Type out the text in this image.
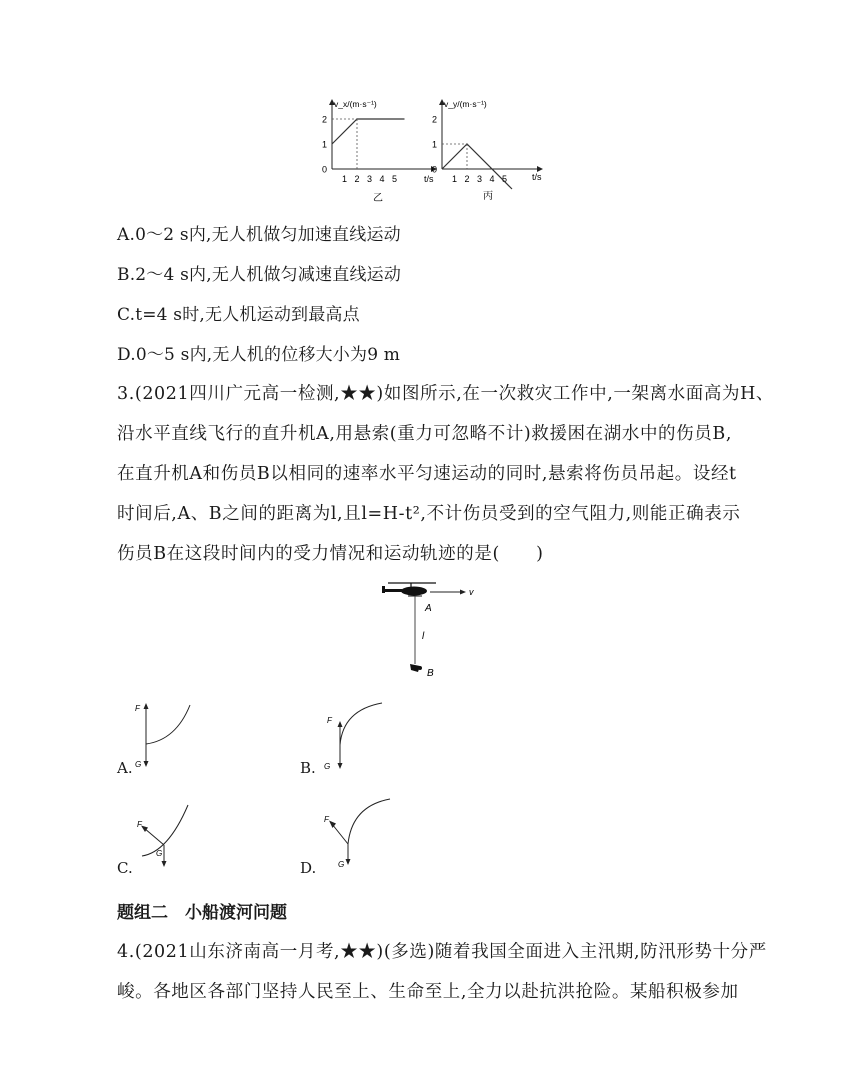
v_x/(m·s⁻¹)
t/s
1 2 3 4 5
0
1
2
乙
v_y/(m·s⁻¹)
t/s
1 2 3 4 5
0
1
2
丙
A.0～2 s内,无人机做匀加速直线运动
B.2～4 s内,无人机做匀减速直线运动
C.t=4 s时,无人机运动到最高点
D.0～5 s内,无人机的位移大小为9 m
3.(2021四川广元高一检测,★★)如图所示,在一次救灾工作中,一架离水面高为H、
沿水平直线飞行的直升机A,用悬索(重力可忽略不计)救援困在湖水中的伤员B,
在直升机A和伤员B以相同的速率水平匀速运动的同时,悬索将伤员吊起。设经t
时间后,A、B之间的距离为l,且l=H-t²,不计伤员受到的空气阻力,则能正确表示
伤员B在这段时间内的受力情况和运动轨迹的是(　　)
v
A
l
B
F
G
A.
F
G
B.
F
G
C.
F
G
D.
题组二　小船渡河问题
4.(2021山东济南高一月考,★★)(多选)随着我国全面进入主汛期,防汛形势十分严
峻。各地区各部门坚持人民至上、生命至上,全力以赴抗洪抢险。某船积极参加
